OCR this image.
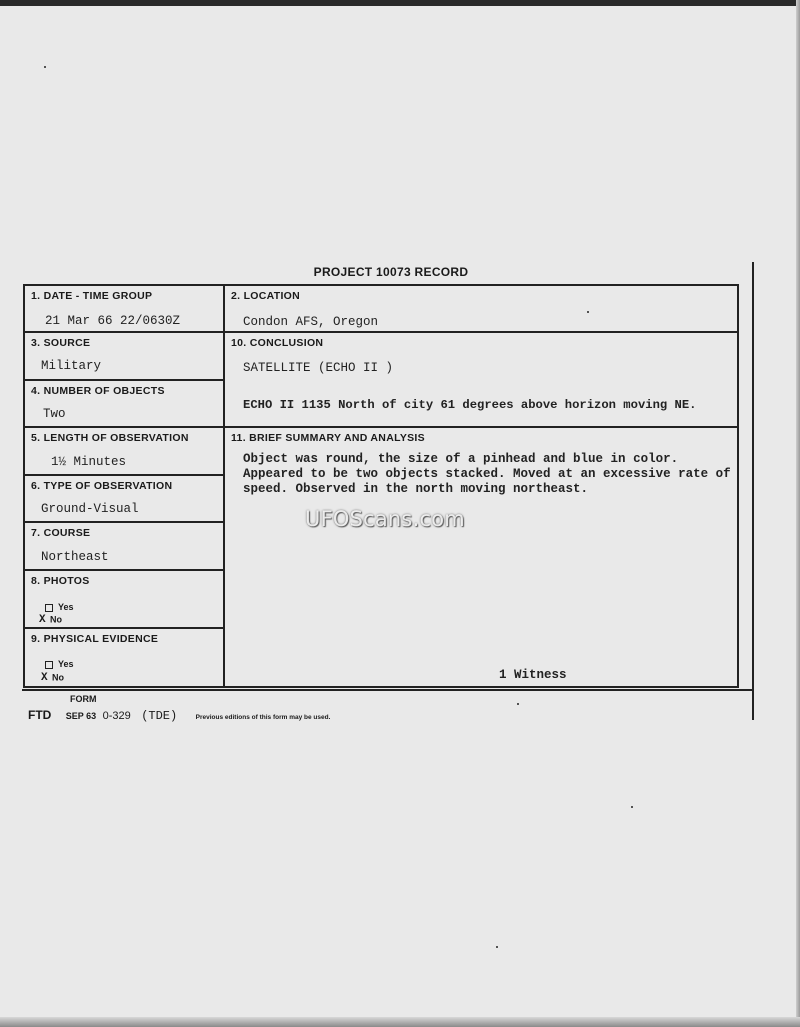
PROJECT 10073 RECORD
1. DATE - TIME GROUP
21 Mar 66 22/0630Z
3. SOURCE
Military
4. NUMBER OF OBJECTS
Two
5. LENGTH OF OBSERVATION
1½ Minutes
6. TYPE OF OBSERVATION
Ground-Visual
7. COURSE
Northeast
8. PHOTOS
Yes
X No
9. PHYSICAL EVIDENCE
Yes
X No
2. LOCATION
Condon AFS, Oregon
10. CONCLUSION
SATELLITE (ECHO II )
ECHO II 1135 North of city 61 degrees above horizon moving NE.
11. BRIEF SUMMARY AND ANALYSIS
Object was round, the size of a pinhead and blue in color. Appeared to be two objects stacked. Moved at an excessive rate of speed. Observed in the north moving northeast.
1 Witness
FORM
FTD SEP 63 0-329 (TDE)	Previous editions of this form may be used.
UFOScans.com
